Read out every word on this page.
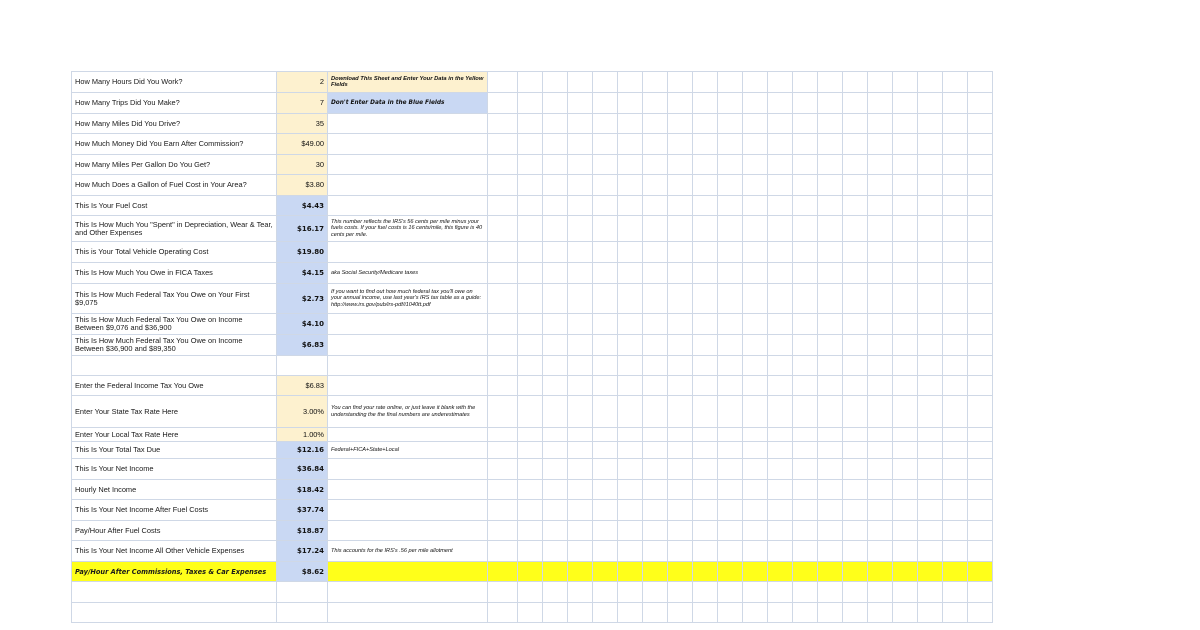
How Many Hours Did You Work?	2	Download This Sheet and Enter Your Data in the Yellow Fields																				
How Many Trips Did You Make?	7	Don't Enter Data in the Blue Fields																				
How Many Miles Did You Drive?	35																					
How Much Money Did You Earn After Commission?	$49.00																					
How Many Miles Per Gallon Do You Get?	30																					
How Much Does a Gallon of Fuel Cost in Your Area?	$3.80																					
This Is Your Fuel Cost	$4.43																					
This Is How Much You "Spent" in Depreciation, Wear & Tear, and Other Expenses	$16.17	This number reflects the IRS's 56 cents per mile minus your fuels costs. If your fuel costs is 16 cents/mile, this figure is 40 cents per mile.																				
This is Your Total Vehicle Operating Cost	$19.80																					
This Is How Much You Owe in FICA Taxes	$4.15	aka Social Security/Medicare taxes																				
This Is How Much Federal Tax You Owe on Your First $9,075	$2.73	If you want to find out how much federal tax you'll owe on your annual income, use last year's IRS tax table as a guide: http://www.irs.gov/pub/irs-pdf/i1040tt.pdf																				
This Is How Much Federal Tax You Owe on Income Between $9,076 and $36,900	$4.10																					
This Is How Much Federal Tax You Owe on Income Between $36,900 and $89,350	$6.83																					

Enter the Federal Income Tax You Owe	$6.83																					
Enter Your State Tax Rate Here	3.00%	You can find your rate online, or just leave it blank with the understanding the the final numbers are underestimates																				
Enter Your Local Tax Rate Here	1.00%																					
This Is Your Total Tax Due	$12.16	Federal+FICA+State+Local																				
This Is Your Net Income	$36.84																					
Hourly Net Income	$18.42																					
This Is Your Net Income After Fuel Costs	$37.74																					
Pay/Hour After Fuel Costs	$18.87																					
This Is Your Net Income All Other Vehicle Expenses	$17.24	This accounts for the IRS's .56 per mile allotment																				
Pay/Hour After Commissions, Taxes & Car Expenses	$8.62																					
